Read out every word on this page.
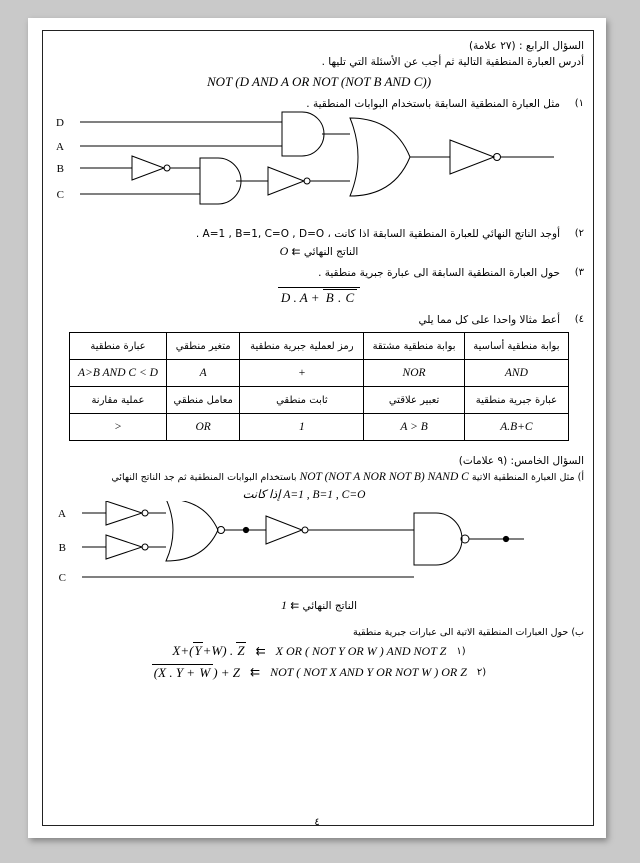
السؤال الرابع : (٢٧ علامة)
أدرس العبارة المنطقية التالية ثم أجب عن الأسئلة التي تليها .
NOT (D AND A OR NOT (NOT B AND C))
١)
مثل العبارة المنطقية السابقة باستخدام البوابات المنطقية .
D
A
B
C
٢)
أوجد الناتج النهائي للعبارة المنطقية السابقة اذا كانت ، A=1 , B=1, C=O , D=O .
O ⇇ الناتج النهائي
٣)
حول العبارة المنطقية السابقة الى عبارة جبرية منطقية .
D . A + B . C
٤)
أعط مثالا واحدا على كل مما يلي
بوابة منطقية أساسية	بوابة منطقية مشتقة	رمز لعملية جبرية منطقية	متغير منطقي	عبارة منطقية
AND	NOR	+	A	A>B AND C < D
عبارة جبرية منطقية	تعبير علاقتي	ثابت منطقي	معامل منطقي	عملية مقارنة
A.B+C	A > B	1	OR	<
السؤال الخامس: (٩ علامات)
أ) مثل العبارة المنطقية الاتية NOT (NOT A NOR NOT B) NAND C باستخدام البوابات المنطقية ثم جد الناتج النهائي
إذا كانت A=1 , B=1 , C=O
A
B
C
1 ⇇ الناتج النهائي
ب) حول العبارات المنطقية الاتية الى عبارات جبرية منطقية
١)
X OR ( NOT Y OR W ) AND NOT Z
⇇
X+(Y+W) . Z
٢)
NOT ( NOT X AND Y OR NOT W ) OR Z
⇇
(X . Y + W ) + Z
٤
